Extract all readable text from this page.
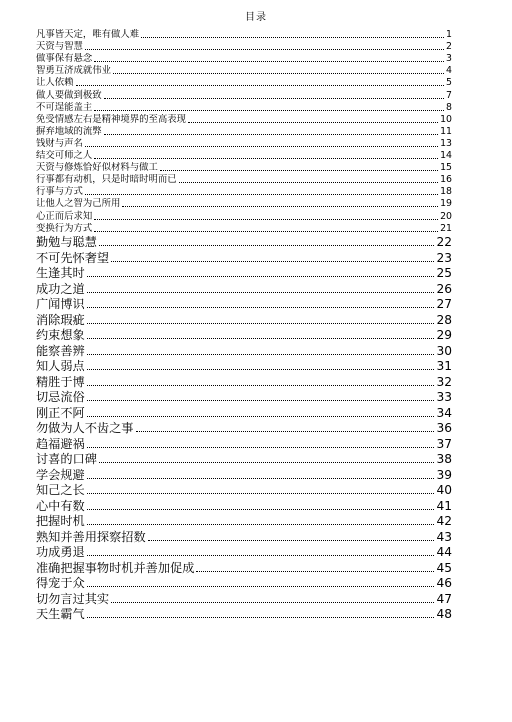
目录
凡事皆天定，唯有做人难	1
天资与智慧	2
做事保有悬念	3
智勇互济成就伟业	4
让人依赖	5
做人要做到极致	7
不可逞能盖主	8
免受情感左右是精神境界的至高表现	10
摒弃地域的流弊	11
钱财与声名	13
结交可师之人	14
天资与修炼恰好似材料与做工	15
行事都有动机，只是时暗时明而已	16
行事与方式	18
让他人之智为己所用	19
心正而后求知	20
变换行为方式	21
勤勉与聪慧	22
不可先怀奢望	23
生逢其时	25
成功之道	26
广闻博识	27
消除瑕疵	28
约束想象	29
能察善辨	30
知人弱点	31
精胜于博	32
切忌流俗	33
刚正不阿	34
勿做为人不齿之事	36
趋福避祸	37
讨喜的口碑	38
学会规避	39
知己之长	40
心中有数	41
把握时机	42
熟知并善用探察招数	43
功成勇退	44
准确把握事物时机并善加促成	45
得宠于众	46
切勿言过其实	47
天生霸气	48
